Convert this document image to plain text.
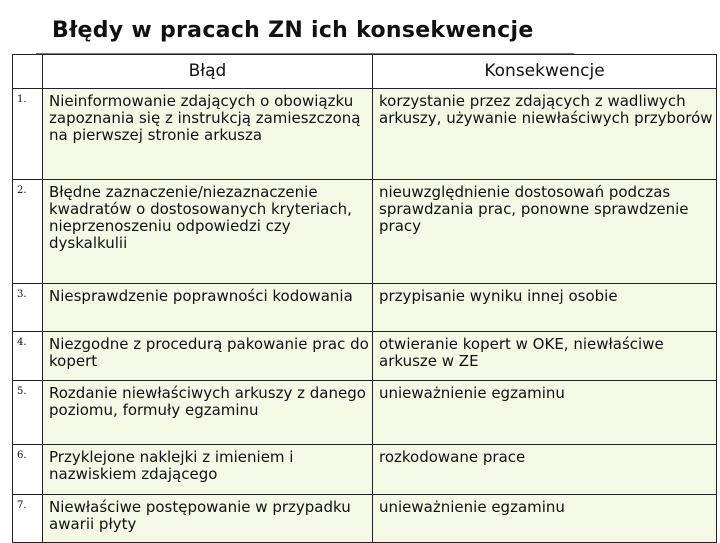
Błędy w pracach ZN ich konsekwencje
	Błąd	Konsekwencje
1.	Nieinformowanie zdających o obowiązku zapoznania się z instrukcją zamieszczoną na pierwszej stronie arkusza	korzystanie przez zdających z wadliwych arkuszy, używanie niewłaściwych przyborów

2.	Błędne zaznaczenie/niezaznaczenie kwadratów o dostosowanych kryteriach, nieprzenoszeniu odpowiedzi czy dyskalkulii	nieuwzględnienie dostosowań podczas sprawdzania prac, ponowne sprawdzenie pracy

3.	Niesprawdzenie poprawności kodowania	przypisanie wyniku innej osobie

4.	Niezgodne z procedurą pakowanie prac do kopert	otwieranie kopert w OKE, niewłaściwe arkusze w ZE

5.	Rozdanie niewłaściwych arkuszy z danego poziomu, formuły egzaminu	unieważnienie egzaminu

6.	Przyklejone naklejki z imieniem i nazwiskiem zdającego	rozkodowane prace

7.	Niewłaściwe postępowanie w przypadku awarii płyty	unieważnienie egzaminu
